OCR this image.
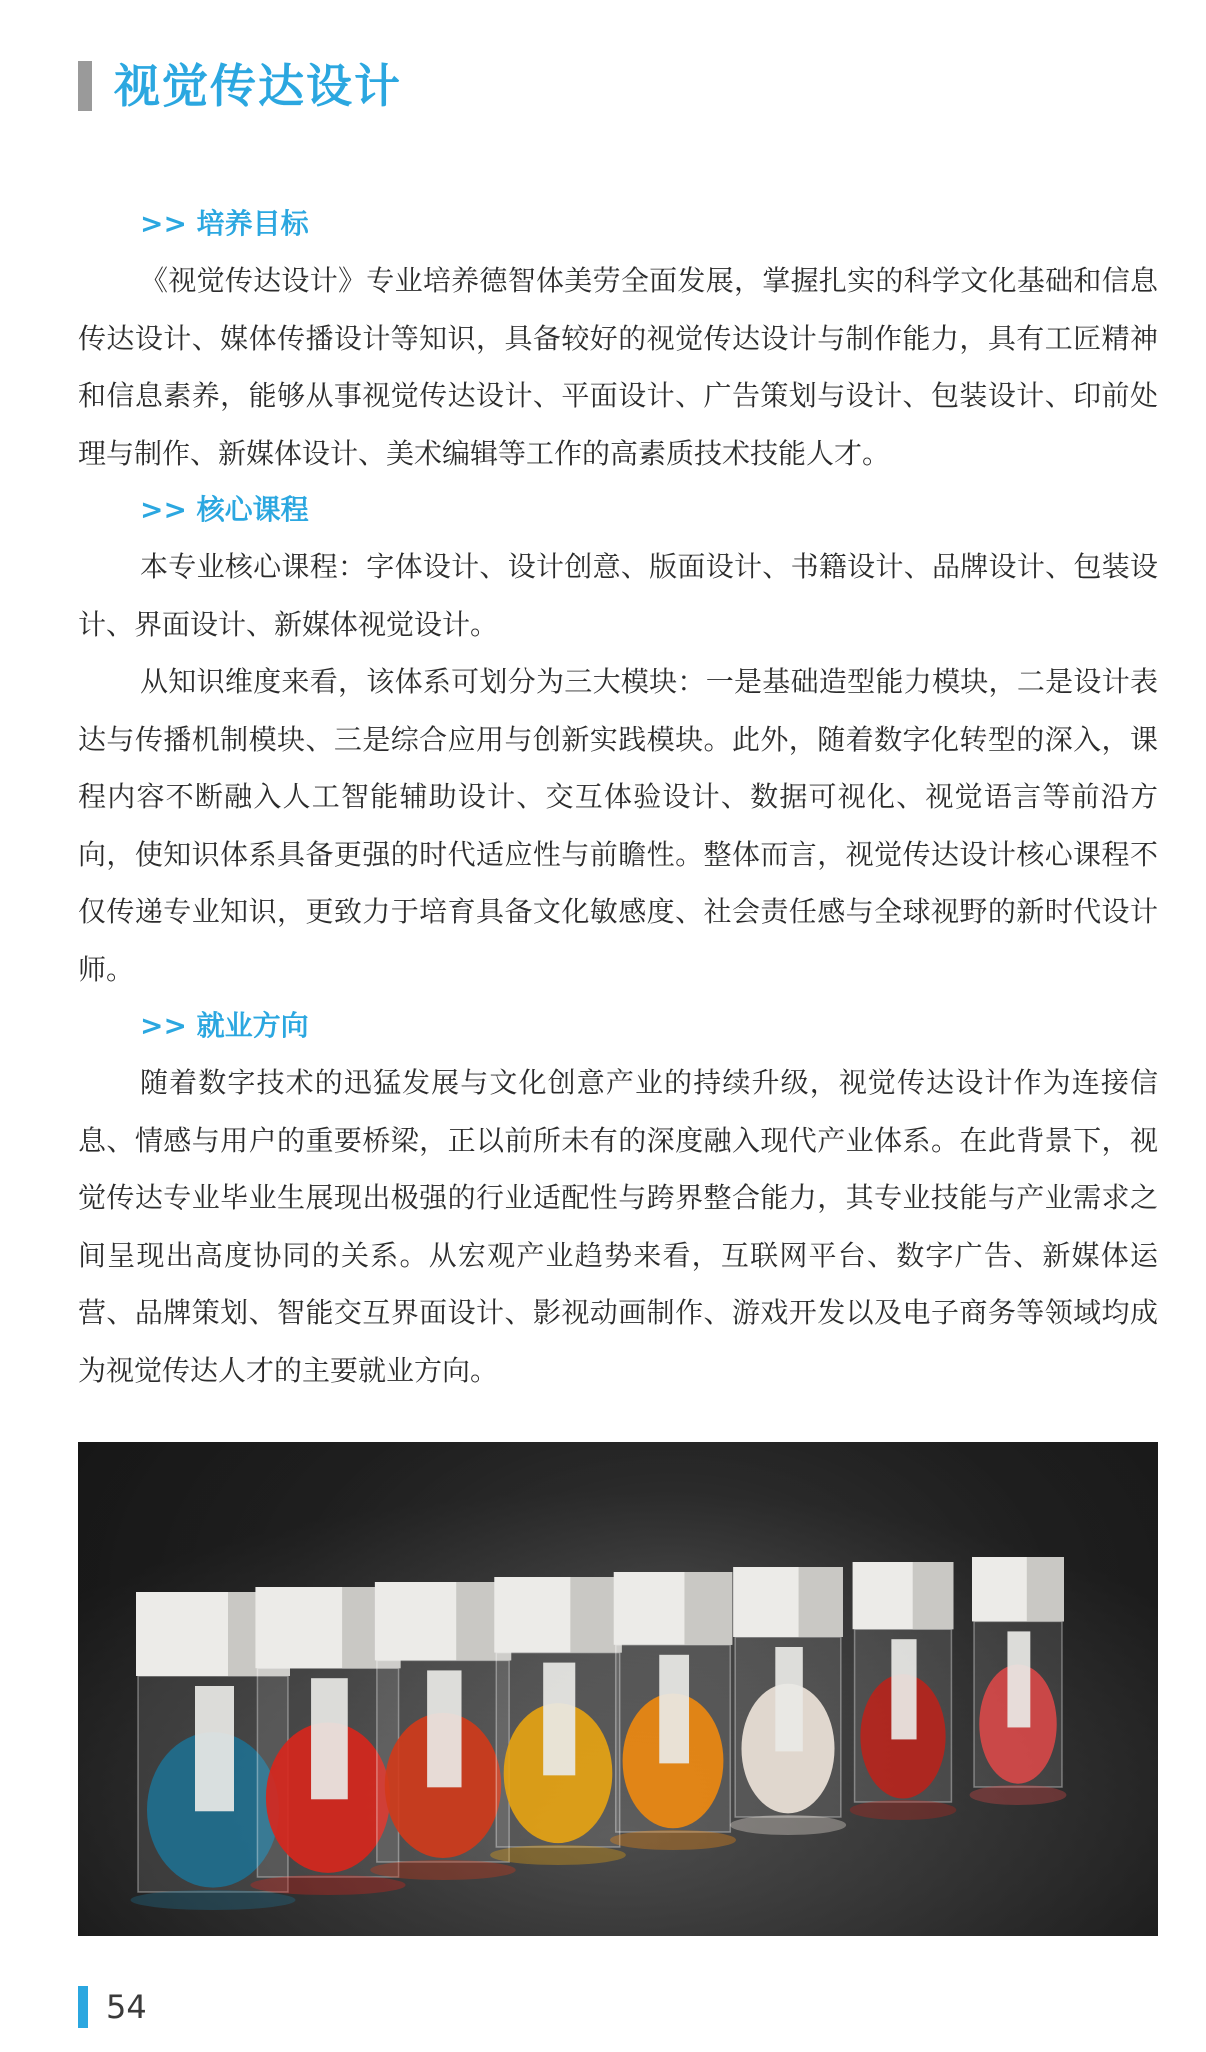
视觉传达设计
>> 培养目标

《视觉传达设计》专业培养德智体美劳全面发展，掌握扎实的科学文化基础和信息传达设计、媒体传播设计等知识，具备较好的视觉传达设计与制作能力，具有工匠精神和信息素养，能够从事视觉传达设计、平面设计、广告策划与设计、包装设计、印前处理与制作、新媒体设计、美术编辑等工作的高素质技术技能人才。

>> 核心课程

本专业核心课程：字体设计、设计创意、版面设计、书籍设计、品牌设计、包装设计、界面设计、新媒体视觉设计。

从知识维度来看，该体系可划分为三大模块：一是基础造型能力模块，二是设计表达与传播机制模块、三是综合应用与创新实践模块。此外，随着数字化转型的深入，课程内容不断融入人工智能辅助设计、交互体验设计、数据可视化、视觉语言等前沿方向，使知识体系具备更强的时代适应性与前瞻性。整体而言，视觉传达设计核心课程不仅传递专业知识，更致力于培育具备文化敏感度、社会责任感与全球视野的新时代设计师。

>> 就业方向

随着数字技术的迅猛发展与文化创意产业的持续升级，视觉传达设计作为连接信息、情感与用户的重要桥梁，正以前所未有的深度融入现代产业体系。在此背景下，视觉传达专业毕业生展现出极强的行业适配性与跨界整合能力，其专业技能与产业需求之间呈现出高度协同的关系。从宏观产业趋势来看，互联网平台、数字广告、新媒体运营、品牌策划、智能交互界面设计、影视动画制作、游戏开发以及电子商务等领域均成为视觉传达人才的主要就业方向。

54
